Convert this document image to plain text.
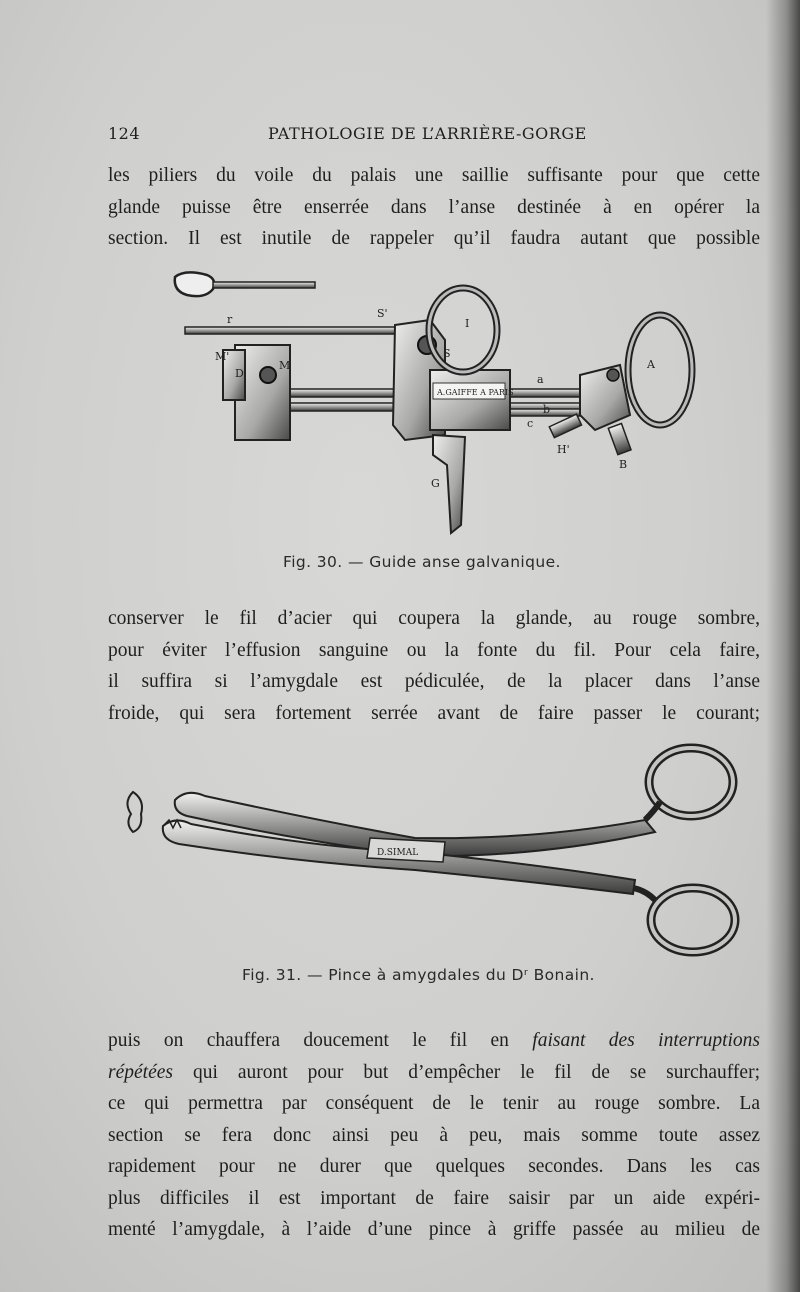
124	PATHOLOGIE DE L’ARRIÈRE-GORGE
les piliers du voile du palais une saillie suffisante pour que cette
glande puisse être enserrée dans l’anse destinée à en opérer la
section. Il est inutile de rappeler qu’il faudra autant que possible
A.GAIFFE A PARIS
r	S'
I
M'
M
D'
S
A
a
b
c
G
B
H'
Fig. 30. — Guide anse galvanique.
conserver le fil d’acier qui coupera la glande, au rouge sombre,
pour éviter l’effusion sanguine ou la fonte du fil. Pour cela faire,
il suffira si l’amygdale est pédiculée, de la placer dans l’anse
froide, qui sera fortement serrée avant de faire passer le courant;
D.SIMAL
Fig. 31. — Pince à amygdales du Dʳ Bonain.
puis on chauffera doucement le fil en faisant des interruptions
répétées qui auront pour but d’empêcher le fil de se surchauffer;
ce qui permettra par conséquent de le tenir au rouge sombre. La
section se fera donc ainsi peu à peu, mais somme toute assez
rapidement pour ne durer que quelques secondes. Dans les cas
plus difficiles il est important de faire saisir par un aide expéri-
menté l’amygdale, à l’aide d’une pince à griffe passée au milieu de
